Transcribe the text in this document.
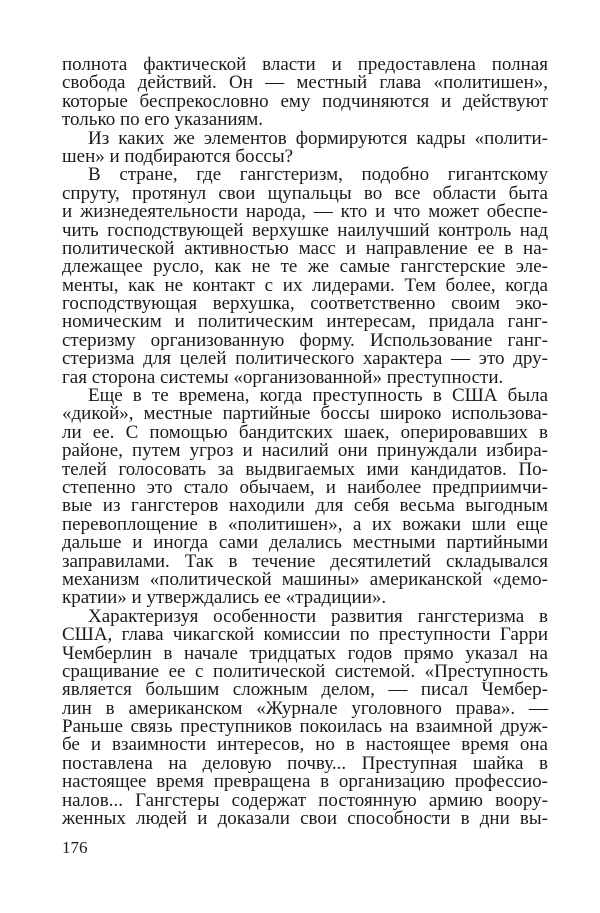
полнота фактической власти и предоставлена полная
свобода действий. Он — местный глава «политишен»,
которые беспрекословно ему подчиняются и действуют
только по его указаниям.
Из каких же элементов формируются кадры «полити-
шен» и подбираются боссы?
В стране, где гангстеризм, подобно гигантскому
спруту, протянул свои щупальцы во все области быта
и жизнедеятельности народа, — кто и что может обеспе-
чить господствующей верхушке наилучший контроль над
политической активностью масс и направление ее в на-
длежащее русло, как не те же самые гангстерские эле-
менты, как не контакт с их лидерами. Тем более, когда
господствующая верхушка, соответственно своим эко-
номическим и политическим интересам, придала ганг-
стеризму организованную форму. Использование ганг-
стеризма для целей политического характера — это дру-
гая сторона системы «организованной» преступности.
Еще в те времена, когда преступность в США была
«дикой», местные партийные боссы широко использова-
ли ее. С помощью бандитских шаек, оперировавших в
районе, путем угроз и насилий они принуждали избира-
телей голосовать за выдвигаемых ими кандидатов. По-
степенно это стало обычаем, и наиболее предприимчи-
вые из гангстеров находили для себя весьма выгодным
перевоплощение в «политишен», а их вожаки шли еще
дальше и иногда сами делались местными партийными
заправилами. Так в течение десятилетий складывался
механизм «политической машины» американской «демо-
кратии» и утверждались ее «традиции».
Характеризуя особенности развития гангстеризма в
США, глава чикагской комиссии по преступности Гарри
Чемберлин в начале тридцатых годов прямо указал на
сращивание ее с политической системой. «Преступность
является большим сложным делом, — писал Чембер-
лин в американском «Журнале уголовного права». —
Раньше связь преступников покоилась на взаимной друж-
бе и взаимности интересов, но в настоящее время она
поставлена на деловую почву... Преступная шайка в
настоящее время превращена в организацию профессио-
налов... Гангстеры содержат постоянную армию воору-
женных людей и доказали свои способности в дни вы-
176
